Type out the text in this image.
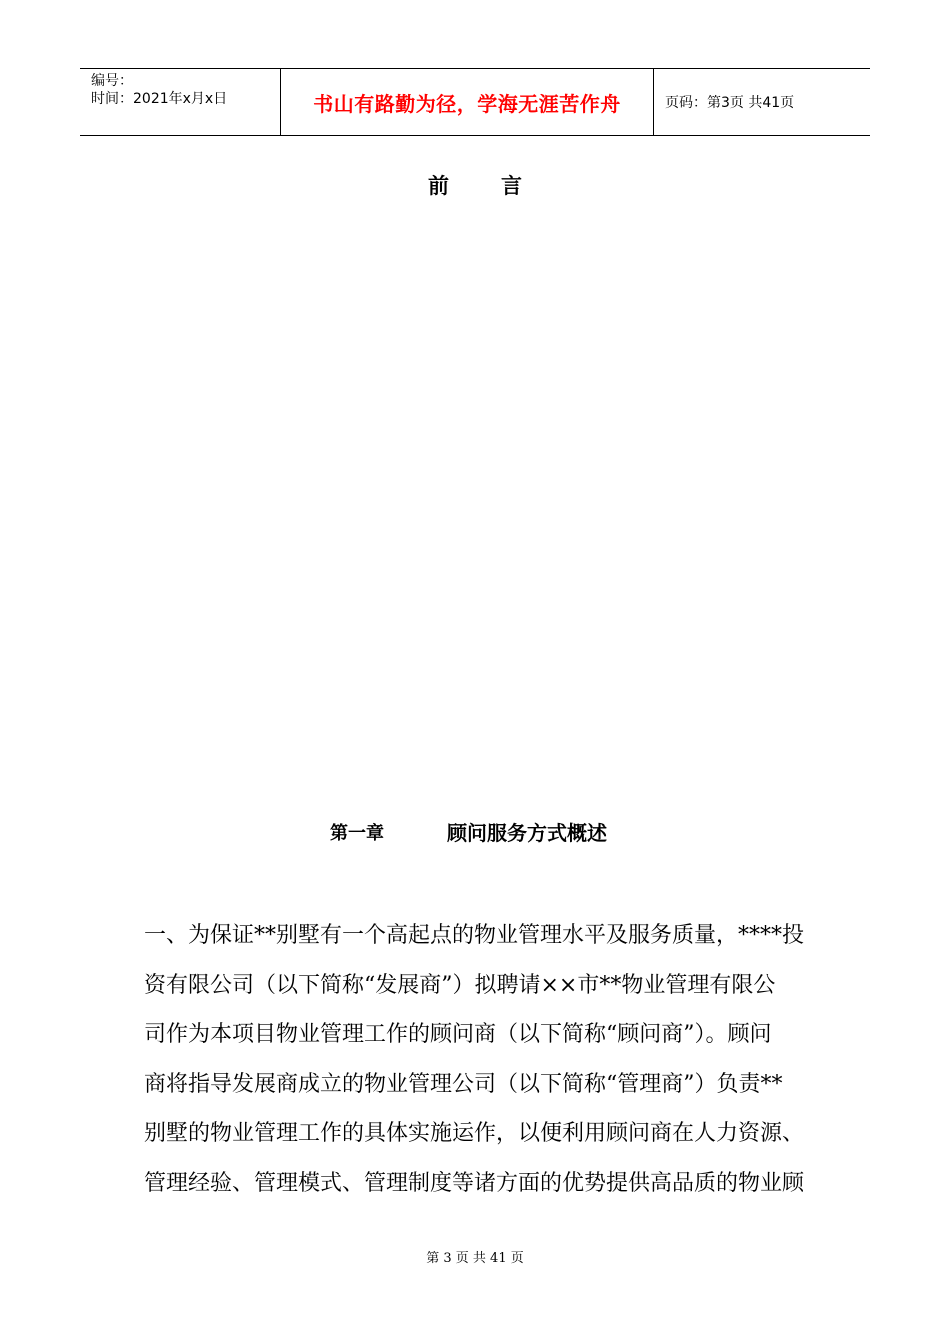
编号：
时间：2021年x月x日	书山有路勤为径，学海无涯苦作舟	页码：第3页 共41页
前 言
第一章	顾问服务方式概述

一、为保证**别墅有一个高起点的物业管理水平及服务质量，****投

资有限公司（以下简称“发展商”）拟聘请××市**物业管理有限公

司作为本项目物业管理工作的顾问商（以下简称“顾问商”）。顾问

商将指导发展商成立的物业管理公司（以下简称“管理商”）负责**

别墅的物业管理工作的具体实施运作，以便利用顾问商在人力资源、

管理经验、管理模式、管理制度等诸方面的优势提供高品质的物业顾

第 3 页 共 41 页
